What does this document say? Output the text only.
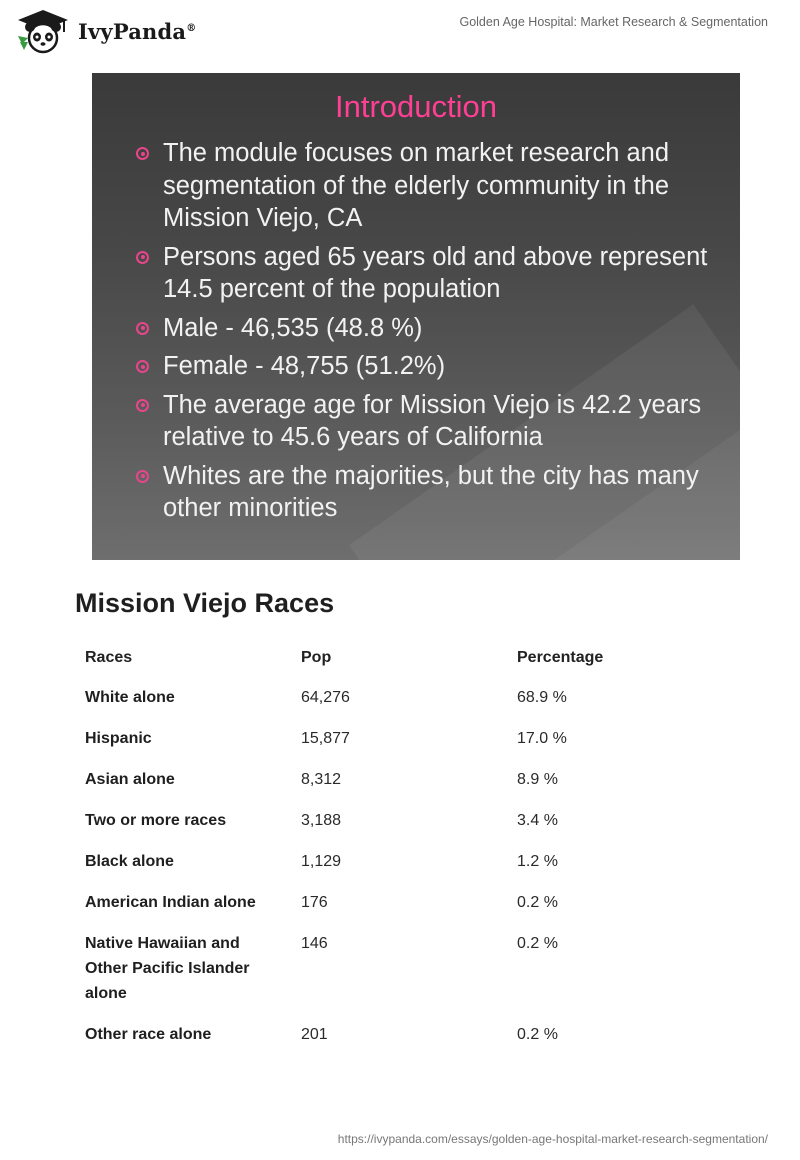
IvyPanda®	Golden Age Hospital: Market Research & Segmentation
Introduction
The module focuses on market research and segmentation of the elderly community in the Mission Viejo, CA
Persons aged 65 years old and above represent 14.5 percent of the population
Male - 46,535 (48.8 %)
Female - 48,755 (51.2%)
The average age for Mission Viejo is 42.2 years relative to 45.6 years of California
Whites are the majorities, but the city has many other minorities
Mission Viejo Races
Races	Pop	Percentage
White alone	64,276	68.9 %
Hispanic	15,877	17.0 %
Asian alone	8,312	8.9 %
Two or more races	3,188	3.4 %
Black alone	1,129	1.2 %
American Indian alone	176	0.2 %
Native Hawaiian and Other Pacific Islander alone	146	0.2 %
Other race alone	201	0.2 %
https://ivypanda.com/essays/golden-age-hospital-market-research-segmentation/
